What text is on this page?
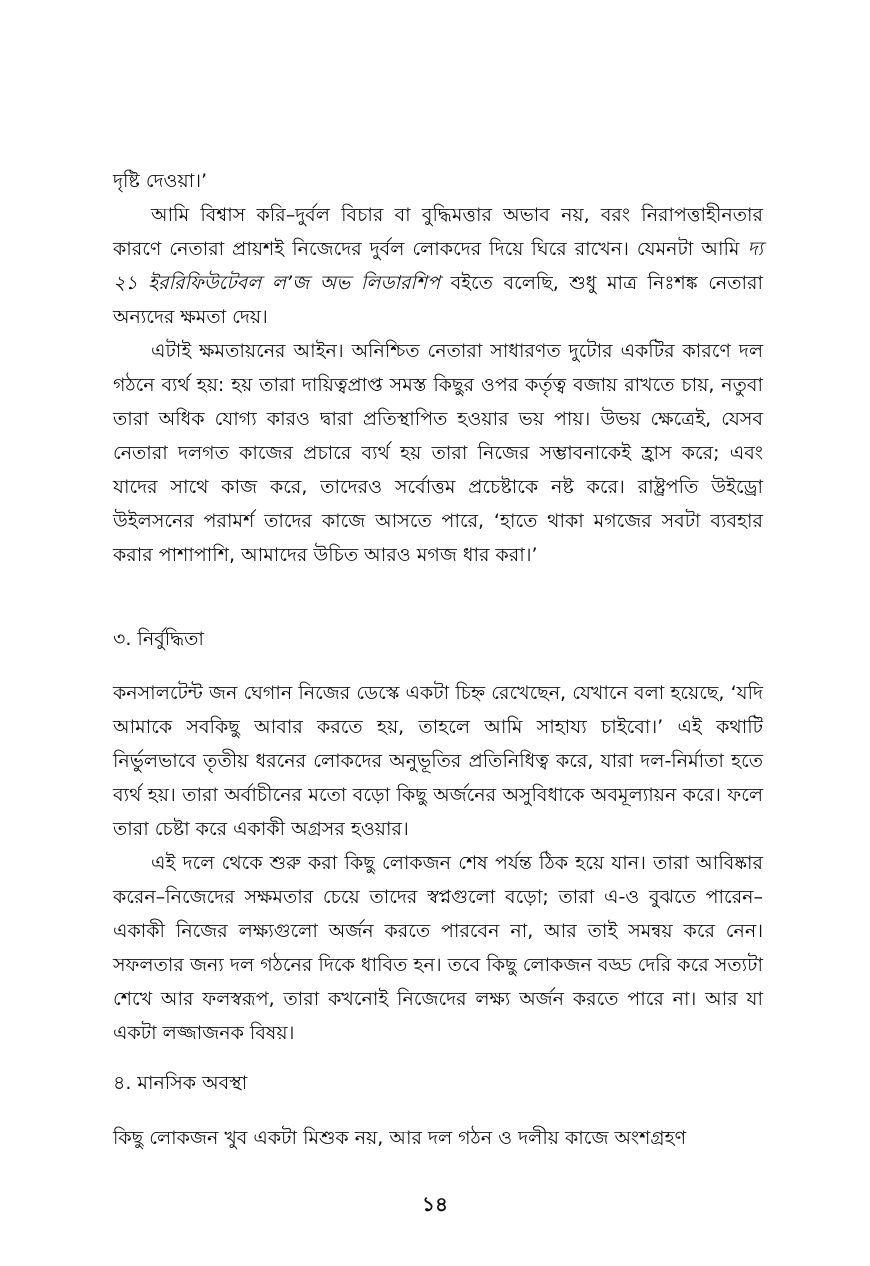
দৃষ্টি দেওয়া।’

আমি বিশ্বাস করি–দুর্বল বিচার বা বুদ্ধিমত্তার অভাব নয়, বরং নিরাপত্তাহীনতার কারণে নেতারা প্রায়শই নিজেদের দুর্বল লোকদের দিয়ে ঘিরে রাখেন। যেমনটা আমি দ্য ২১ ইররিফিউটেবল ল’জ অভ লিডারশিপ বইতে বলেছি, শুধু মাত্র নিঃশঙ্ক নেতারা অন্যদের ক্ষমতা দেয়।

এটাই ক্ষমতায়নের আইন। অনিশ্চিত নেতারা সাধারণত দুটোর একটির কারণে দল গঠনে ব্যর্থ হয়: হয় তারা দায়িত্বপ্রাপ্ত সমস্ত কিছুর ওপর কর্তৃত্ব বজায় রাখতে চায়, নতুবা তারা অধিক যোগ্য কারও দ্বারা প্রতিস্থাপিত হওয়ার ভয় পায়। উভয় ক্ষেত্রেই, যেসব নেতারা দলগত কাজের প্রচারে ব্যর্থ হয় তারা নিজের সম্ভাবনাকেই হ্রাস করে; এবং যাদের সাথে কাজ করে, তাদেরও সর্বোত্তম প্রচেষ্টাকে নষ্ট করে। রাষ্ট্রপতি উইড্রো উইলসনের পরামর্শ তাদের কাজে আসতে পারে, ‘হাতে থাকা মগজের সবটা ব্যবহার করার পাশাপাশি, আমাদের উচিত আরও মগজ ধার করা।’

৩. নির্বুদ্ধিতা

কনসালটেন্ট জন ঘেগান নিজের ডেস্কে একটা চিহ্ন রেখেছেন, যেখানে বলা হয়েছে, ‘যদি আমাকে সবকিছু আবার করতে হয়, তাহলে আমি সাহায্য চাইবো।’ এই কথাটি নির্ভুলভাবে তৃতীয় ধরনের লোকদের অনুভূতির প্রতিনিধিত্ব করে, যারা দল-নির্মাতা হতে ব্যর্থ হয়। তারা অর্বাচীনের মতো বড়ো কিছু অর্জনের অসুবিধাকে অবমূল্যায়ন করে। ফলে তারা চেষ্টা করে একাকী অগ্রসর হওয়ার।

এই দলে থেকে শুরু করা কিছু লোকজন শেষ পর্যন্ত ঠিক হয়ে যান। তারা আবিষ্কার করেন–নিজেদের সক্ষমতার চেয়ে তাদের স্বপ্নগুলো বড়ো; তারা এ-ও বুঝতে পারেন–একাকী নিজের লক্ষ্যগুলো অর্জন করতে পারবেন না, আর তাই সমন্বয় করে নেন। সফলতার জন্য দল গঠনের দিকে ধাবিত হন। তবে কিছু লোকজন বড্ড দেরি করে সত্যটা শেখে আর ফলস্বরূপ, তারা কখনোই নিজেদের লক্ষ্য অর্জন করতে পারে না। আর যা একটা লজ্জাজনক বিষয়।

৪. মানসিক অবস্থা

কিছু লোকজন খুব একটা মিশুক নয়, আর দল গঠন ও দলীয় কাজে অংশগ্রহণ

১৪
